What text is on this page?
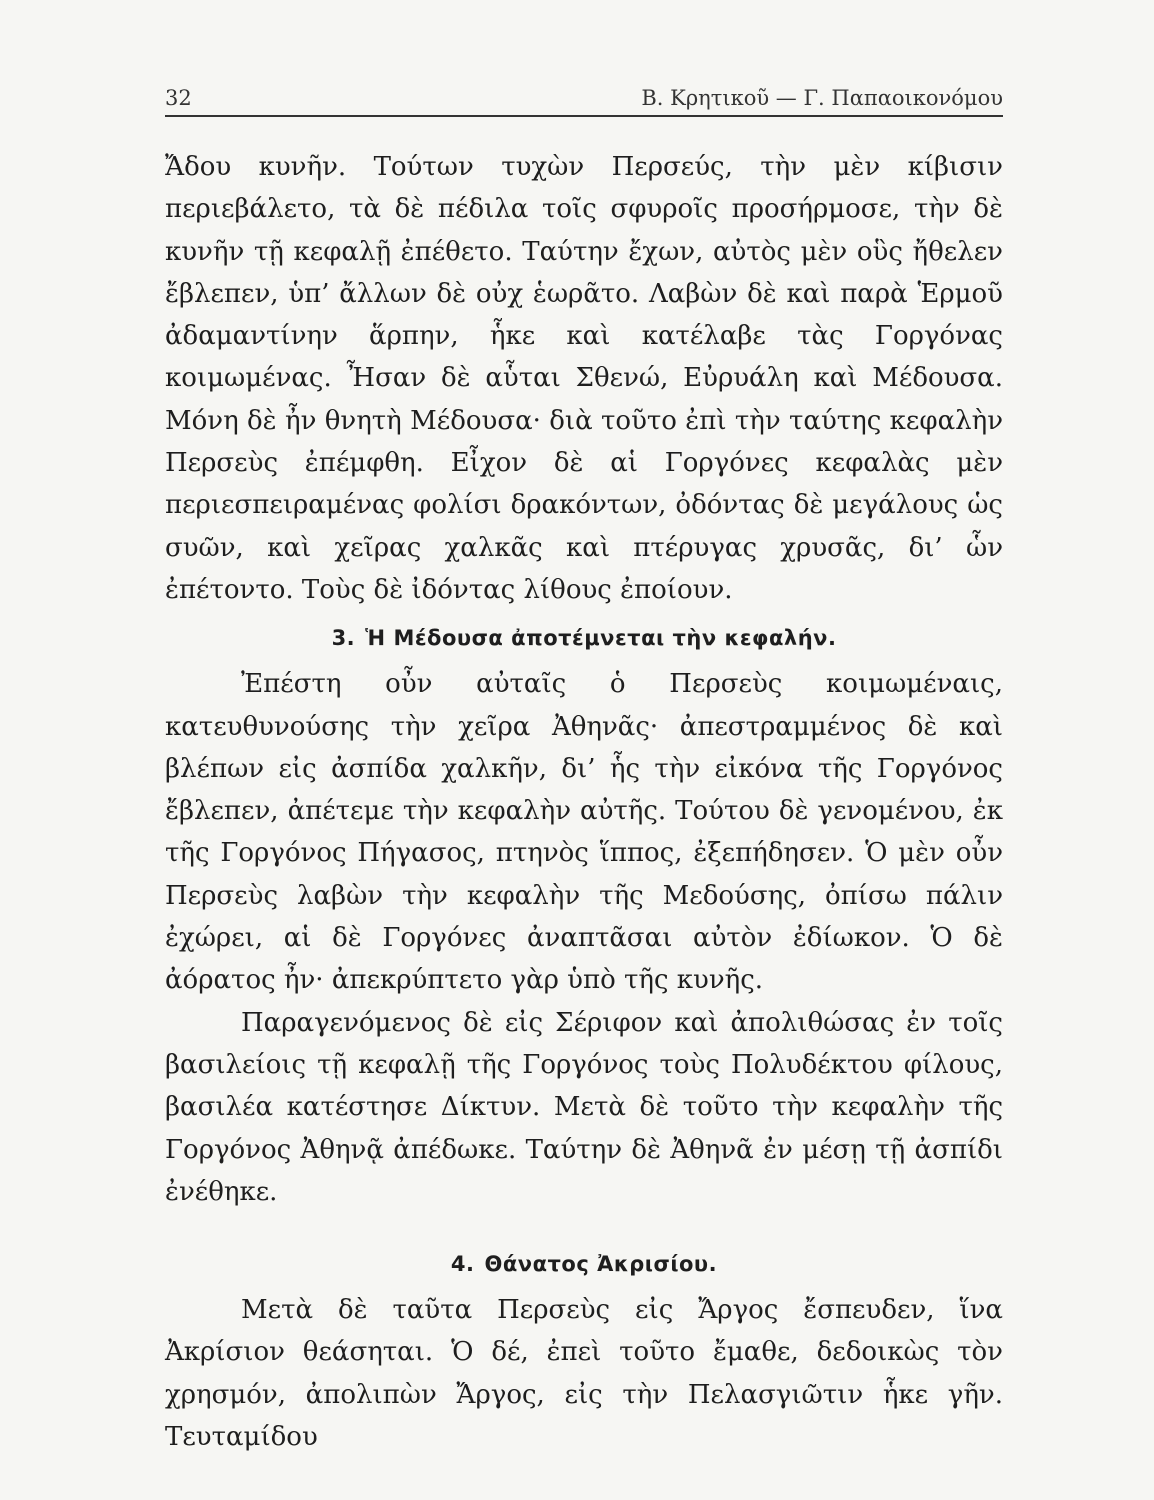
32	Β. Κρητικοῦ — Γ. Παπαοικονόμου

Ἄδου κυνῆν. Τούτων τυχὼν Περσεύς, τὴν μὲν κίβισιν περιεβάλετο, τὰ δὲ πέδιλα τοῖς σφυροῖς προσήρμοσε, τὴν δὲ κυνῆν τῇ κεφαλῇ ἐπέθετο. Ταύτην ἔχων, αὐτὸς μὲν οὓς ἤθελεν ἔβλεπεν, ὑπ’ ἄλλων δὲ οὐχ ἑωρᾶτο. Λαβὼν δὲ καὶ παρὰ Ἑρμοῦ ἀδαμαντίνην ἅρπην, ἧκε καὶ κατέλαβε τὰς Γοργόνας κοιμωμένας. Ἦσαν δὲ αὗται Σθενώ, Εὐρυάλη καὶ Μέδουσα. Μόνη δὲ ἦν θνητὴ Μέδουσα· διὰ τοῦτο ἐπὶ τὴν ταύτης κεφαλὴν Περσεὺς ἐπέμφθη. Εἶχον δὲ αἱ Γοργόνες κεφαλὰς μὲν περιεσπειραμένας φολίσι δρακόντων, ὀδόντας δὲ μεγάλους ὡς συῶν, καὶ χεῖρας χαλκᾶς καὶ πτέρυγας χρυσᾶς, δι’ ὧν ἐπέτοντο. Τοὺς δὲ ἰδόντας λίθους ἐποίουν.

3. Ἡ Μέδουσα ἀποτέμνεται τὴν κεφαλήν.

Ἐπέστη οὖν αὐταῖς ὁ Περσεὺς κοιμωμέναις, κατευθυνούσης τὴν χεῖρα Ἀθηνᾶς· ἀπεστραμμένος δὲ καὶ βλέπων εἰς ἀσπίδα χαλκῆν, δι’ ἧς τὴν εἰκόνα τῆς Γοργόνος ἔβλεπεν, ἀπέτεμε τὴν κεφαλὴν αὐτῆς. Τούτου δὲ γενομένου, ἐκ τῆς Γοργόνος Πήγασος, πτηνὸς ἵππος, ἐξεπήδησεν. Ὁ μὲν οὖν Περσεὺς λαβὼν τὴν κεφαλὴν τῆς Μεδούσης, ὀπίσω πάλιν ἐχώρει, αἱ δὲ Γοργόνες ἀναπτᾶσαι αὐτὸν ἐδίωκον. Ὁ δὲ ἀόρατος ἦν· ἀπεκρύπτετο γὰρ ὑπὸ τῆς κυνῆς.

Παραγενόμενος δὲ εἰς Σέριφον καὶ ἀπολιθώσας ἐν τοῖς βασιλείοις τῇ κεφαλῇ τῆς Γοργόνος τοὺς Πολυδέκτου φίλους, βασιλέα κατέστησε Δίκτυν. Μετὰ δὲ τοῦτο τὴν κεφαλὴν τῆς Γοργόνος Ἀθηνᾷ ἀπέδωκε. Ταύτην δὲ Ἀθηνᾶ ἐν μέσῃ τῇ ἀσπίδι ἐνέθηκε.

4. Θάνατος Ἀκρισίου.

Μετὰ δὲ ταῦτα Περσεὺς εἰς Ἄργος ἔσπευδεν, ἵνα Ἀκρίσιον θεάσηται. Ὁ δέ, ἐπεὶ τοῦτο ἔμαθε, δεδοικὼς τὸν χρησμόν, ἀπολιπὼν Ἄργος, εἰς τὴν Πελασγιῶτιν ἧκε γῆν. Τευταμίδου
